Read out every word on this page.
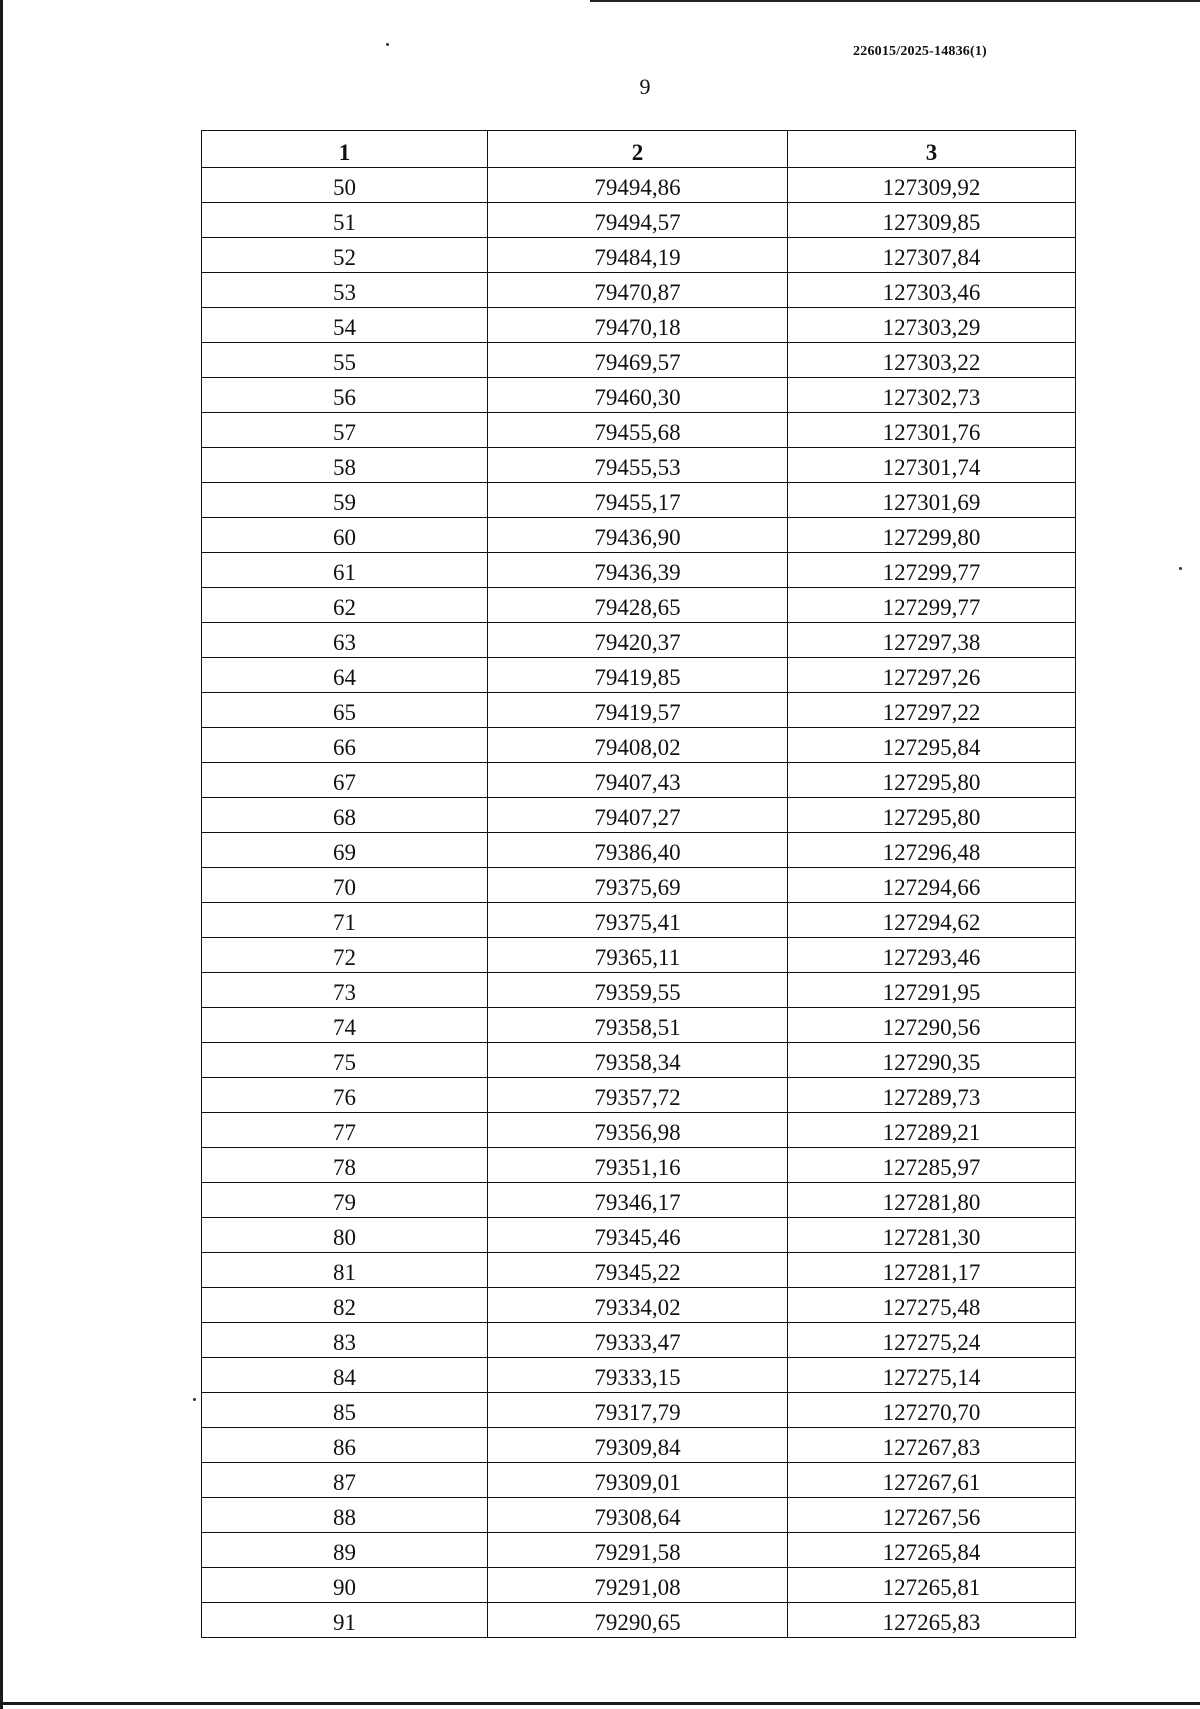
226015/2025-14836(1)
9
1	2	3
50	79494,86	127309,92
51	79494,57	127309,85
52	79484,19	127307,84
53	79470,87	127303,46
54	79470,18	127303,29
55	79469,57	127303,22
56	79460,30	127302,73
57	79455,68	127301,76
58	79455,53	127301,74
59	79455,17	127301,69
60	79436,90	127299,80
61	79436,39	127299,77
62	79428,65	127299,77
63	79420,37	127297,38
64	79419,85	127297,26
65	79419,57	127297,22
66	79408,02	127295,84
67	79407,43	127295,80
68	79407,27	127295,80
69	79386,40	127296,48
70	79375,69	127294,66
71	79375,41	127294,62
72	79365,11	127293,46
73	79359,55	127291,95
74	79358,51	127290,56
75	79358,34	127290,35
76	79357,72	127289,73
77	79356,98	127289,21
78	79351,16	127285,97
79	79346,17	127281,80
80	79345,46	127281,30
81	79345,22	127281,17
82	79334,02	127275,48
83	79333,47	127275,24
84	79333,15	127275,14
85	79317,79	127270,70
86	79309,84	127267,83
87	79309,01	127267,61
88	79308,64	127267,56
89	79291,58	127265,84
90	79291,08	127265,81
91	79290,65	127265,83
